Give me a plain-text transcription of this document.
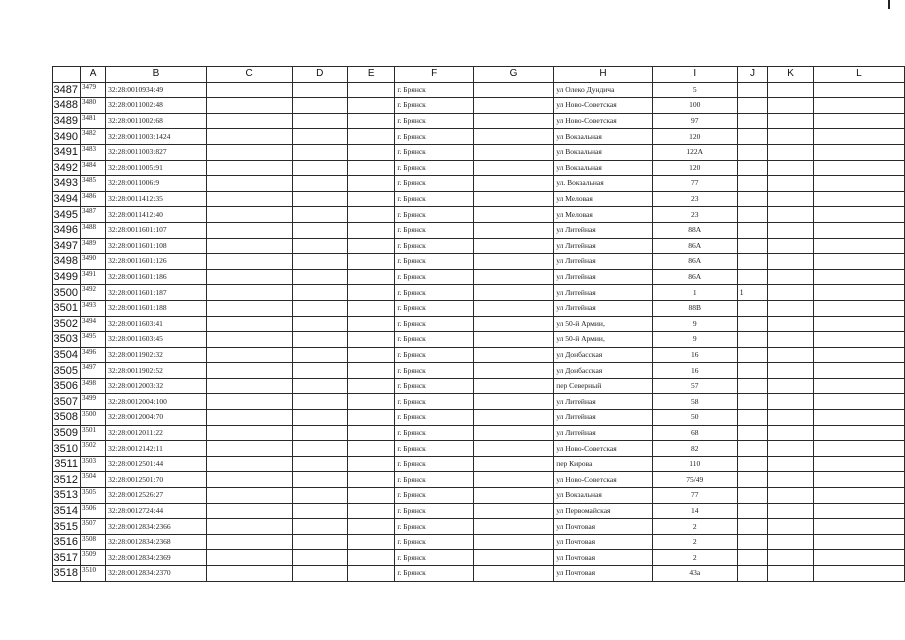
	A	B	C	D	E	F	G	H	I	J	K	L
3487	3479	32:28:0010934:49				г. Брянск		ул Олеко Дундича	5			
3488	3480	32:28:0011002:48				г. Брянск		ул Ново-Советская	100			
3489	3481	32:28:0011002:68				г. Брянск		ул Ново-Советская	97			
3490	3482	32:28:0011003:1424				г. Брянск		ул Вокзальная	120			
3491	3483	32:28:0011003:827				г. Брянск		ул Вокзальная	122А			
3492	3484	32:28:0011005:91				г. Брянск		ул Вокзальная	120			
3493	3485	32:28:0011006:9				г. Брянск		ул. Вокзальная	77			
3494	3486	32:28:0011412:35				г. Брянск		ул Меловая	23			
3495	3487	32:28:0011412:40				г. Брянск		ул Меловая	23			
3496	3488	32:28:0011601:107				г. Брянск		ул Литейная	88А			
3497	3489	32:28:0011601:108				г. Брянск		ул Литейная	86А			
3498	3490	32:28:0011601:126				г. Брянск		ул Литейная	86А			
3499	3491	32:28:0011601:186				г. Брянск		ул Литейная	86А			
3500	3492	32:28:0011601:187				г. Брянск		ул Литейная	1	1		
3501	3493	32:28:0011601:188				г. Брянск		ул Литейная	88В			
3502	3494	32:28:0011603:41				г. Брянск		ул 50-й Армии,	9			
3503	3495	32:28:0011603:45				г. Брянск		ул 50-й Армии,	9			
3504	3496	32:28:0011902:32				г. Брянск		ул Донбасская	16			
3505	3497	32:28:0011902:52				г. Брянск		ул Донбасская	16			
3506	3498	32:28:0012003:32				г. Брянск		пер Северный	57			
3507	3499	32:28:0012004:100				г. Брянск		ул Литейная	58			
3508	3500	32:28:0012004:70				г. Брянск		ул Литейная	50			
3509	3501	32:28:0012011:22				г. Брянск		ул Литейная	68			
3510	3502	32:28:0012142:11				г. Брянск		ул Ново-Советская	82			
3511	3503	32:28:0012501:44				г. Брянск		пер Кирова	110			
3512	3504	32:28:0012501:70				г. Брянск		ул Ново-Советская	75/49			
3513	3505	32:28:0012526:27				г. Брянск		ул Вокзальная	77			
3514	3506	32:28:0012724:44				г. Брянск		ул Первомайская	14			
3515	3507	32:28:0012834:2366				г. Брянск		ул Почтовая	2			
3516	3508	32:28:0012834:2368				г. Брянск		ул Почтовая	2			
3517	3509	32:28:0012834:2369				г. Брянск		ул Почтовая	2			
3518	3510	32:28:0012834:2370				г. Брянск		ул Почтовая	43а			
